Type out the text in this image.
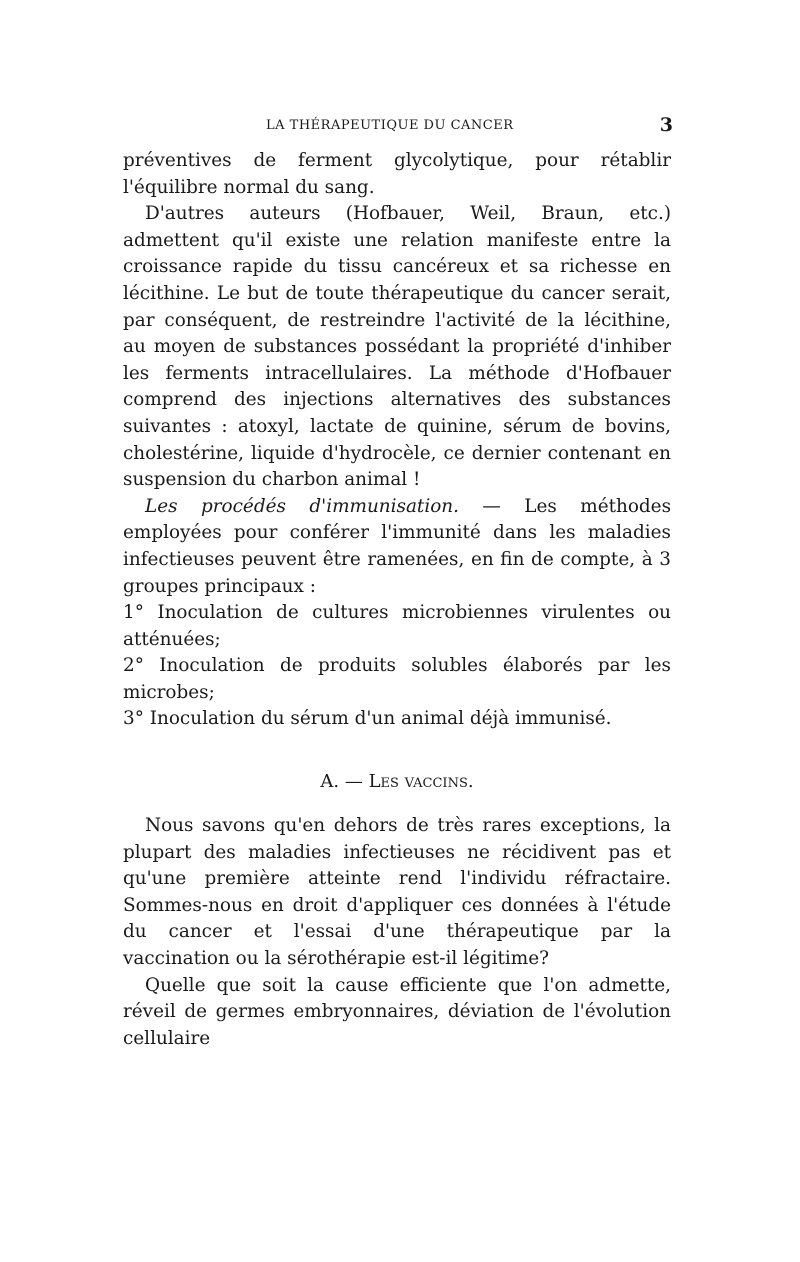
LA THÉRAPEUTIQUE DU CANCER	3

préventives de ferment glycolytique, pour rétablir l'équilibre normal du sang.

D'autres auteurs (Hofbauer, Weil, Braun, etc.) admettent qu'il existe une relation manifeste entre la croissance rapide du tissu cancéreux et sa richesse en lécithine. Le but de toute thérapeutique du cancer serait, par conséquent, de restreindre l'activité de la lécithine, au moyen de substances possédant la propriété d'inhiber les ferments intracellulaires. La méthode d'Hofbauer comprend des injections alternatives des substances suivantes : atoxyl, lactate de quinine, sérum de bovins, cholestérine, liquide d'hydrocèle, ce dernier contenant en suspension du charbon animal !

Les procédés d'immunisation. — Les méthodes employées pour conférer l'immunité dans les maladies infectieuses peuvent être ramenées, en fin de compte, à 3 groupes principaux :

1° Inoculation de cultures microbiennes virulentes ou atténuées;

2° Inoculation de produits solubles élaborés par les microbes;

3° Inoculation du sérum d'un animal déjà immunisé.

A. — Les vaccins.

Nous savons qu'en dehors de très rares exceptions, la plupart des maladies infectieuses ne récidivent pas et qu'une première atteinte rend l'individu réfractaire. Sommes-nous en droit d'appliquer ces données à l'étude du cancer et l'essai d'une thérapeutique par la vaccination ou la sérothérapie est-il légitime?

Quelle que soit la cause efficiente que l'on admette, réveil de germes embryonnaires, déviation de l'évolution cellulaire
